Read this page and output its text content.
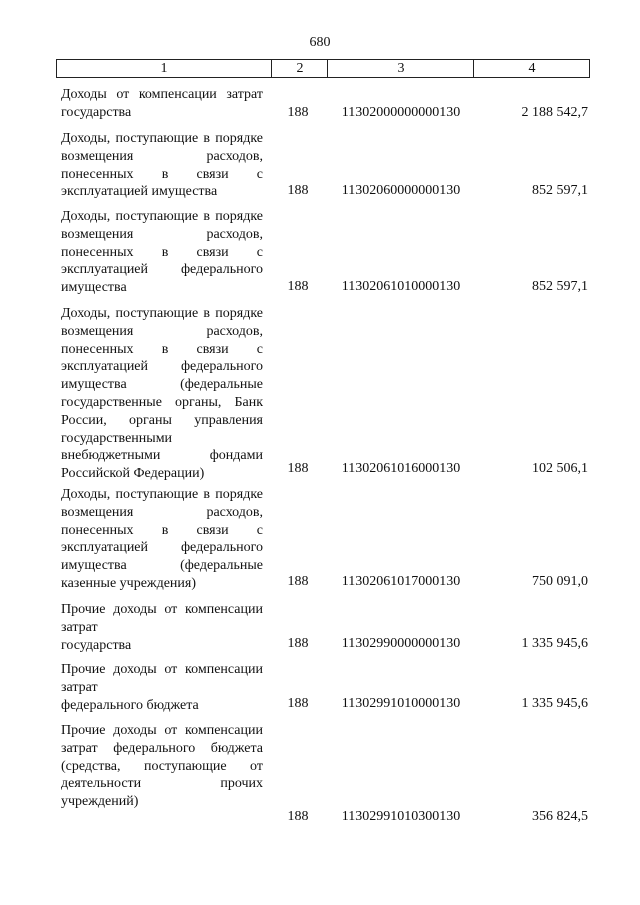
680
1	2	3	4
Доходы от компенсации затрат
государства	188	11302000000000130	2 188 542,7
Доходы, поступающие в порядке возмещения расходов, понесенных в связи с
эксплуатацией имущества	188	11302060000000130	852 597,1
Доходы, поступающие в порядке возмещения расходов, понесенных в связи с эксплуатацией федерального
имущества	188	11302061010000130	852 597,1
Доходы, поступающие в порядке возмещения расходов, понесенных в связи с эксплуатацией федерального имущества (федеральные государственные органы, Банк России, органы управления государственными внебюджетными фондами
Российской Федерации)	188	11302061016000130	102 506,1
Доходы, поступающие в порядке возмещения расходов, понесенных в связи с эксплуатацией федерального имущества (федеральные
казенные учреждения)	188	11302061017000130	750 091,0
Прочие доходы от компенсации затрат
государства	188	11302990000000130	1 335 945,6
Прочие доходы от компенсации затрат
федерального бюджета	188	11302991010000130	1 335 945,6
Прочие доходы от компенсации затрат федерального бюджета (средства, поступающие от деятельности прочих
учреждений)
188	11302991010300130	356 824,5
